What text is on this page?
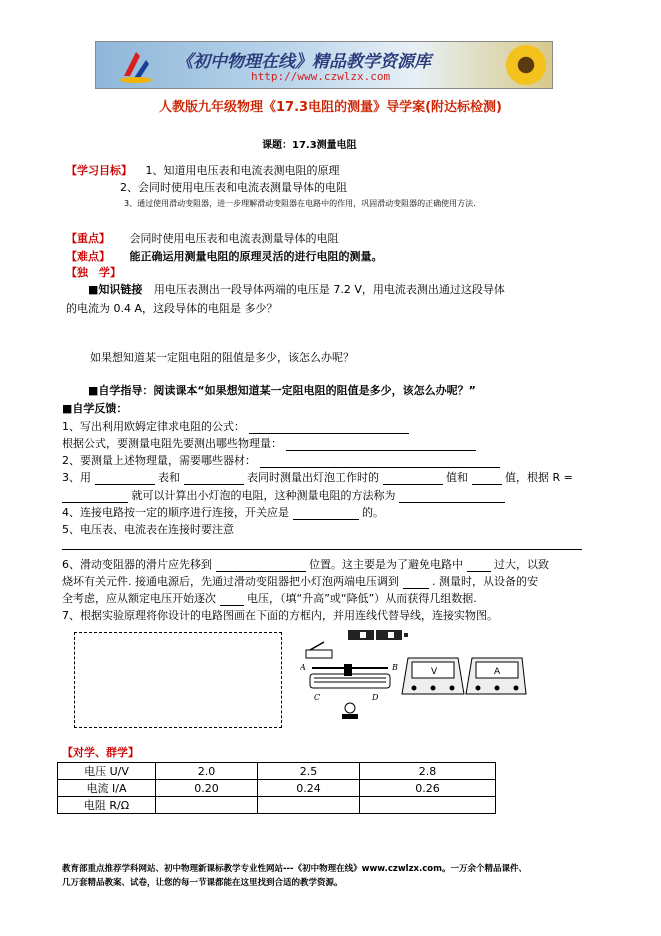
《初中物理在线》精品教学资源库
http://www.czwlzx.com
人教版九年级物理《17.3电阻的测量》导学案(附达标检测)
课题：17.3测量电阻
【学习目标】 1、知道用电压表和电流表测电阻的原理
2、会同时使用电压表和电流表测量导体的电阻
3、通过使用滑动变阻器，进一步理解滑动变阻器在电路中的作用，巩固滑动变阻器的正确使用方法.
【重点】 会同时使用电压表和电流表测量导体的电阻
【难点】 能正确运用测量电阻的原理灵活的进行电阻的测量。
【独　学】
■知识链接 用电压表测出一段导体两端的电压是 7.2 V，用电流表测出通过这段导体
的电流为 0.4 A，这段导体的电阻是 多少？
如果想知道某一定阻电阻的阻值是多少，该怎么办呢？
■自学指导：阅读课本“如果想知道某一定阻电阻的阻值是多少，该怎么办呢？”
■自学反馈：
1、写出利用欧姆定律求电阻的公式：
根据公式，要测量电阻先要测出哪些物理量：
2、要测量上述物理量，需要哪些器材：
3、用	表和	表同时测量出灯泡工作时的	值和	值，根据 R =
就可以计算出小灯泡的电阻，这种测量电阻的方法称为
4、连接电路按一定的顺序进行连接，开关应是	的。
5、电压表、电流表在连接时要注意
6、滑动变阻器的滑片应先移到	位置。这主要是为了避免电路中	过大，以致
烧坏有关元件. 接通电源后，先通过滑动变阻器把小灯泡两端电压调到	. 测量时，从设备的安
全考虑，应从额定电压开始逐次	电压，（填“升高”或“降低”）从而获得几组数据.
7、根据实验原理将你设计的电路图画在下面的方框内，并用连线代替导线，连接实物图。
A	B
C	D
V	A
【对学、群学】
电压 U/V	2.0	2.5	2.8
电流 I/A	0.20	0.24	0.26
电阻 R/Ω			
教育部重点推荐学科网站、初中物理新课标教学专业性网站---《初中物理在线》www.czwlzx.com。一万余个精品课件、
几万套精品教案、试卷，让您的每一节课都能在这里找到合适的教学资源。
